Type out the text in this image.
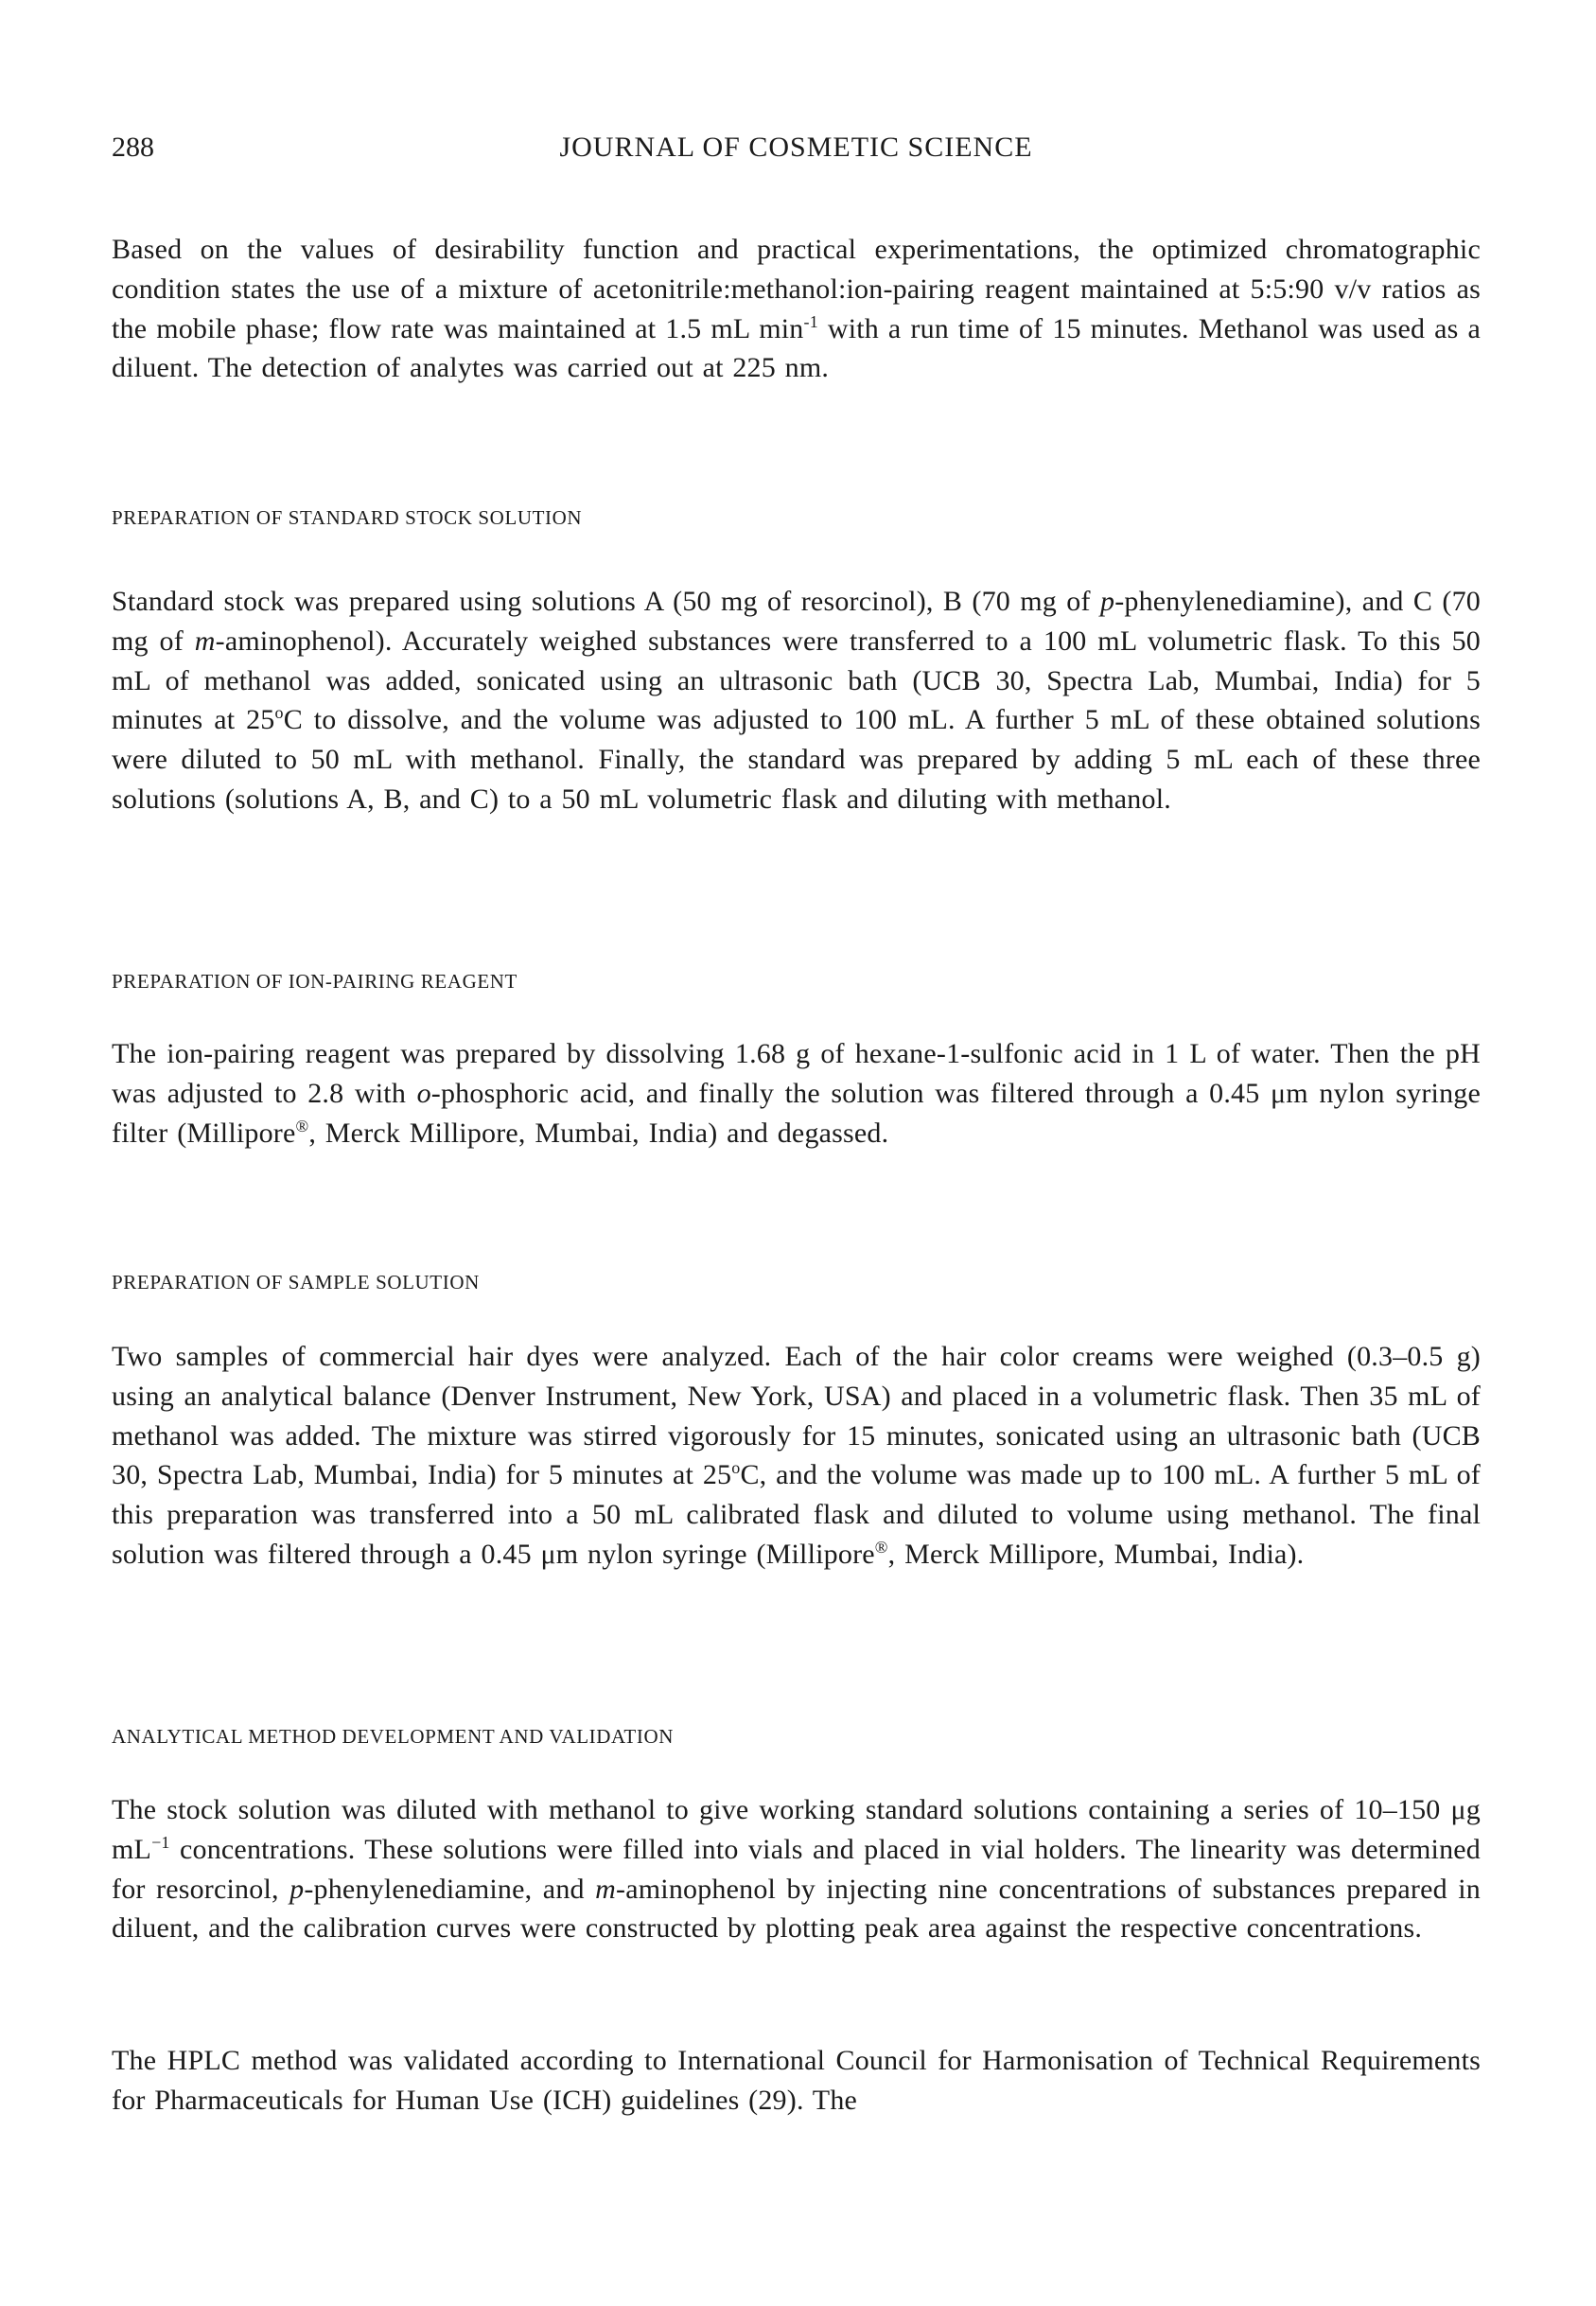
288	JOURNAL OF COSMETIC SCIENCE

Based on the values of desirability function and practical experimentations, the optimized chromatographic condition states the use of a mixture of acetonitrile:methanol:ion-pairing reagent maintained at 5:5:90 v/v ratios as the mobile phase; flow rate was maintained at 1.5 mL $\min^{-1}$ with a run time of 15 minutes. Methanol was used as a diluent. The detection of analytes was carried out at 225 nm.

PREPARATION OF STANDARD STOCK SOLUTION

Standard stock was prepared using solutions A (50 mg of resorcinol), B (70 mg of p-phenylenediamine), and C (70 mg of m-aminophenol). Accurately weighed substances were transferred to a 100 mL volumetric flask. To this 50 mL of methanol was added, sonicated using an ultrasonic bath (UCB 30, Spectra Lab, Mumbai, India) for 5 minutes at 25$^o$C to dissolve, and the volume was adjusted to 100 mL. A further 5 mL of these obtained solutions were diluted to 50 mL with methanol. Finally, the standard was prepared by adding 5 mL each of these three solutions (solutions A, B, and C) to a 50 mL volumetric flask and diluting with methanol.

PREPARATION OF ION-PAIRING REAGENT

The ion-pairing reagent was prepared by dissolving 1.68 g of hexane-1-sulfonic acid in 1 L of water. Then the pH was adjusted to 2.8 with o-phosphoric acid, and finally the solution was filtered through a 0.45 μm nylon syringe filter (Millipore®, Merck Millipore, Mumbai, India) and degassed.

PREPARATION OF SAMPLE SOLUTION

Two samples of commercial hair dyes were analyzed. Each of the hair color creams were weighed (0.3–0.5 g) using an analytical balance (Denver Instrument, New York, USA) and placed in a volumetric flask. Then 35 mL of methanol was added. The mixture was stirred vigorously for 15 minutes, sonicated using an ultrasonic bath (UCB 30, Spectra Lab, Mumbai, India) for 5 minutes at 25$^o$C, and the volume was made up to 100 mL. A further 5 mL of this preparation was transferred into a 50 mL calibrated flask and diluted to volume using methanol. The final solution was filtered through a 0.45 μm nylon syringe (Millipore®, Merck Millipore, Mumbai, India).

ANALYTICAL METHOD DEVELOPMENT AND VALIDATION

The stock solution was diluted with methanol to give working standard solutions containing a series of 10–150 μg $mL^{-1}$ concentrations. These solutions were filled into vials and placed in vial holders. The linearity was determined for resorcinol, p-phenylenediamine, and m-aminophenol by injecting nine concentrations of substances prepared in diluent, and the calibration curves were constructed by plotting peak area against the respective concentrations.

The HPLC method was validated according to International Council for Harmonisation of Technical Requirements for Pharmaceuticals for Human Use (ICH) guidelines (29). The
